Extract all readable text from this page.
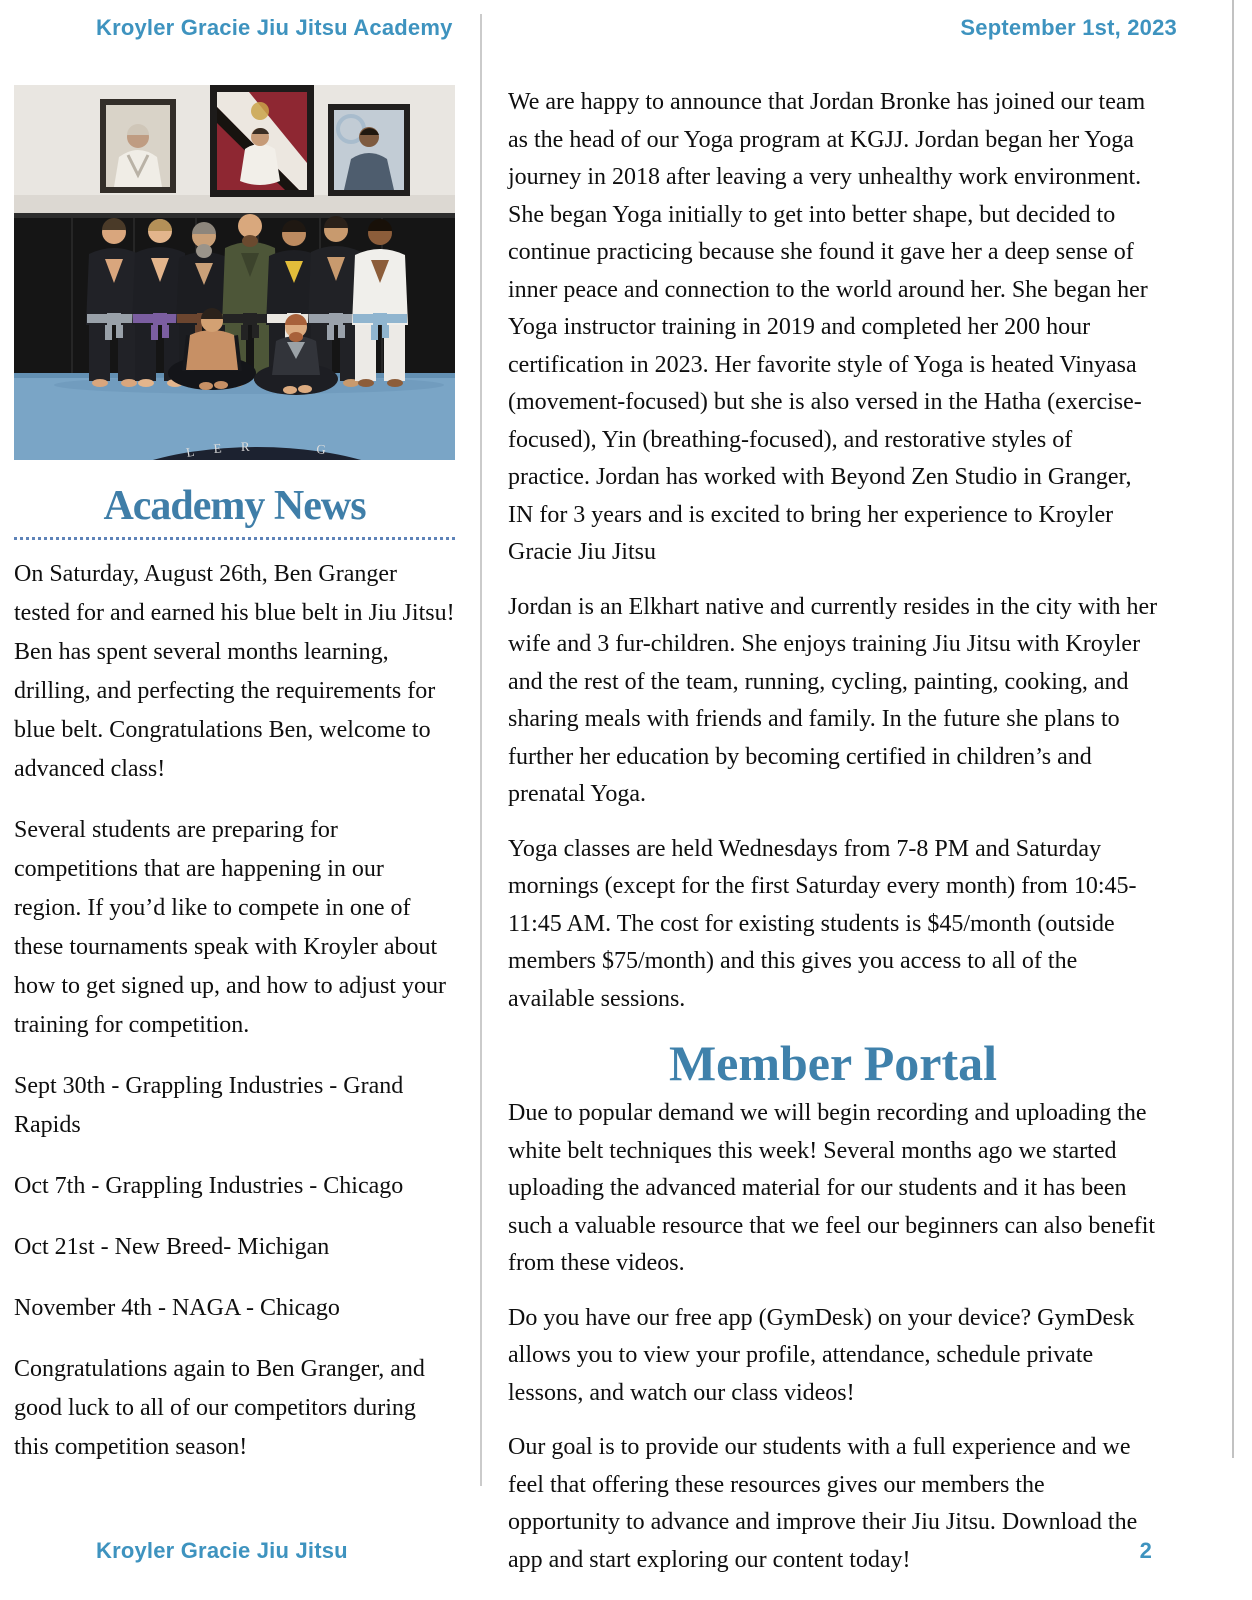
Kroyler Gracie Jiu Jitsu Academy	September 1st, 2023
L E R	G
Academy News

On Saturday, August 26th, Ben Granger tested for and earned his blue belt in Jiu Jitsu! Ben has spent several months learning, drilling, and perfecting the requirements for blue belt. Congratulations Ben, welcome to advanced class!

Several students are preparing for competitions that are happening in our region. If you’d like to compete in one of these tournaments speak with Kroyler about how to get signed up, and how to adjust your training for competition.

Sept 30th - Grappling Industries - Grand Rapids

Oct 7th - Grappling Industries - Chicago

Oct 21st - New Breed- Michigan

November 4th - NAGA - Chicago

Congratulations again to Ben Granger, and good luck to all of our competitors during this competition season!

We are happy to announce that Jordan Bronke has joined our team as the head of our Yoga program at KGJJ. Jordan began her Yoga journey in 2018 after leaving a very unhealthy work environment. She began Yoga initially to get into better shape, but decided to continue practicing because she found it gave her a deep sense of inner peace and connection to the world around her. She began her Yoga instructor training in 2019 and completed her 200 hour certification in 2023. Her favorite style of Yoga is heated Vinyasa (movement-focused) but she is also versed in the Hatha (exercise-focused), Yin (breathing-focused), and restorative styles of practice. Jordan has worked with Beyond Zen Studio in Granger, IN for 3 years and is excited to bring her experience to Kroyler Gracie Jiu Jitsu

Jordan is an Elkhart native and currently resides in the city with her wife and 3 fur-children. She enjoys training Jiu Jitsu with Kroyler and the rest of the team, running, cycling, painting, cooking, and sharing meals with friends and family. In the future she plans to further her education by becoming certified in children’s and prenatal Yoga.

Yoga classes are held Wednesdays from 7-8 PM and Saturday mornings (except for the first Saturday every month) from 10:45-11:45 AM. The cost for existing students is $45/month (outside members $75/month) and this gives you access to all of the available sessions.

Member Portal

Due to popular demand we will begin recording and uploading the white belt techniques this week! Several months ago we started uploading the advanced material for our students and it has been such a valuable resource that we feel our beginners can also benefit from these videos.

Do you have our free app (GymDesk) on your device? GymDesk allows you to view your profile, attendance, schedule private lessons, and watch our class videos!

Our goal is to provide our students with a full experience and we feel that offering these resources gives our members the opportunity to advance and improve their Jiu Jitsu. Download the app and start exploring our content today!

Kroyler Gracie Jiu Jitsu	2
